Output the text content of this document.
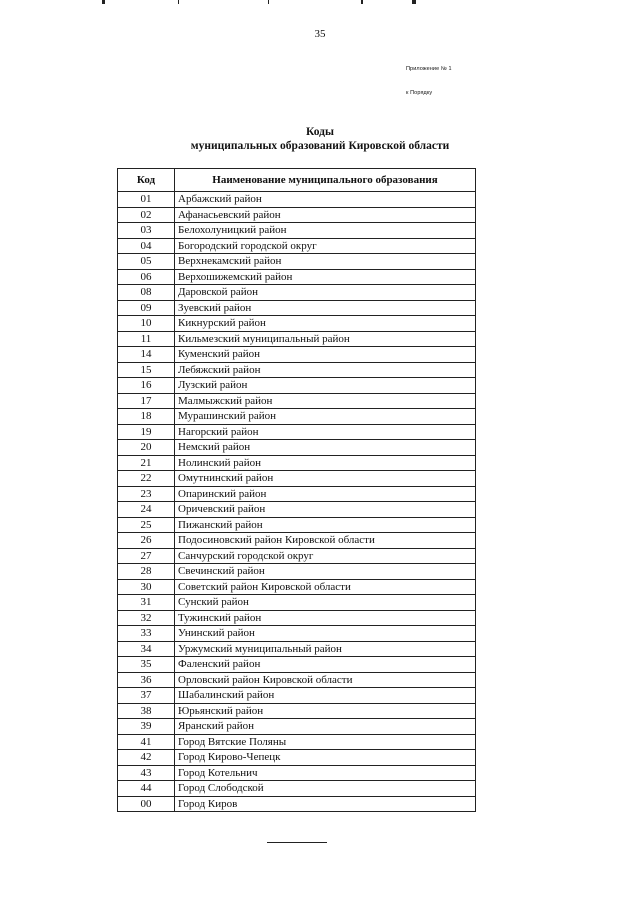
35
Приложение № 1
к Порядку
Коды
муниципальных образований Кировской области
Код	Наименование муниципального образования
01	Арбажский район
02	Афанасьевский район
03	Белохолуницкий район
04	Богородский городской округ
05	Верхнекамский район
06	Верхошижемский район
08	Даровской район
09	Зуевский район
10	Кикнурский район
11	Кильмезский муниципальный район
14	Куменский район
15	Лебяжский район
16	Лузский район
17	Малмыжский район
18	Мурашинский район
19	Нагорский район
20	Немский район
21	Нолинский район
22	Омутнинский район
23	Опаринский район
24	Оричевский район
25	Пижанский район
26	Подосиновский район Кировской области
27	Санчурский городской округ
28	Свечинский район
30	Советский район Кировской области
31	Сунский район
32	Тужинский район
33	Унинский район
34	Уржумский муниципальный район
35	Фаленский район
36	Орловский район Кировской области
37	Шабалинский район
38	Юрьянский район
39	Яранский район
41	Город Вятские Поляны
42	Город Кирово-Чепецк
43	Город Котельнич
44	Город Слободской
00	Город Киров
